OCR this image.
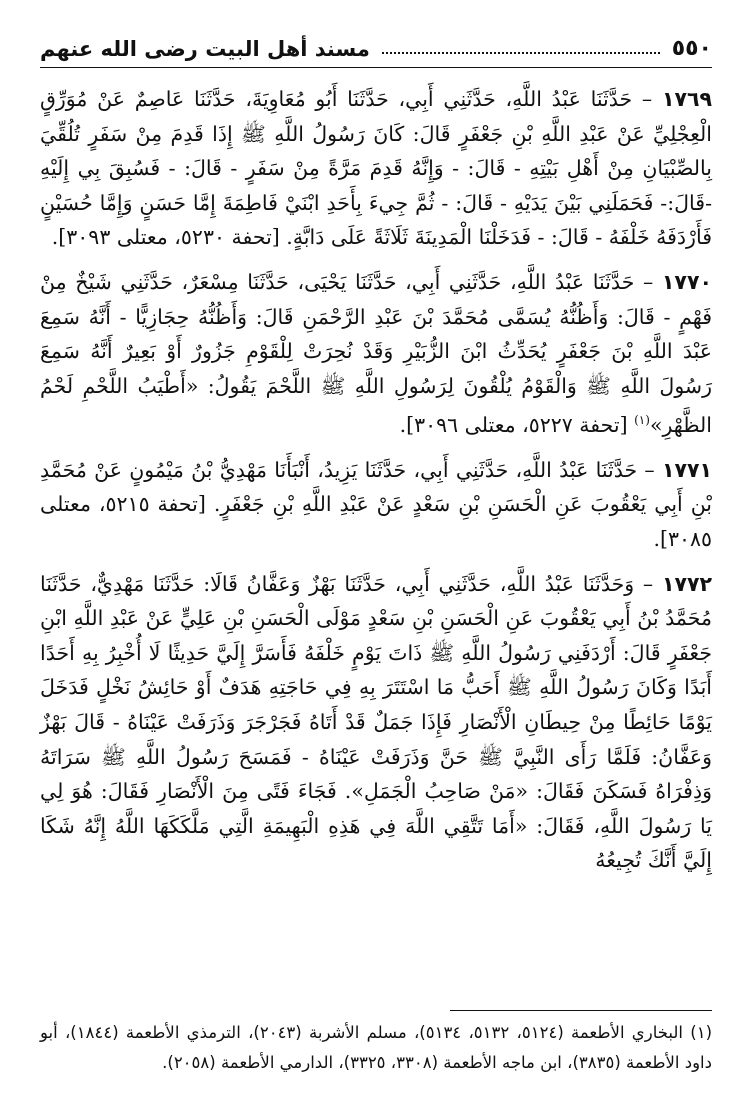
٥٥٠
مسند أهل البيت رضى الله عنهم

١٧٦٩ – حَدَّثَنَا عَبْدُ اللَّهِ، حَدَّثَنِي أَبِي، حَدَّثَنَا أَبُو مُعَاوِيَةَ، حَدَّثَنَا عَاصِمٌ عَنْ مُوَرِّقٍ الْعِجْلِيِّ عَنْ عَبْدِ اللَّهِ بْنِ جَعْفَرٍ قَالَ: كَانَ رَسُولُ اللَّهِ ﷺ إِذَا قَدِمَ مِنْ سَفَرٍ تُلُقِّيَ بِالصِّبْيَانِ مِنْ أَهْلِ بَيْتِهِ - قَالَ: - وَإِنَّهُ قَدِمَ مَرَّةً مِنْ سَفَرٍ - قَالَ: - فَسُبِقَ بِي إِلَيْهِ -قَالَ:- فَحَمَلَنِي بَيْنَ يَدَيْهِ - قَالَ: - ثُمَّ جِيءَ بِأَحَدِ ابْنَيْ فَاطِمَةَ إِمَّا حَسَنٍ وَإِمَّا حُسَيْنٍ فَأَرْدَفَهُ خَلْفَهُ - قَالَ: - فَدَخَلْنَا الْمَدِينَةَ ثَلَاثَةً عَلَى دَابَّةٍ. [تحفة ٥٢٣٠، معتلى ٣٠٩٣].

١٧٧٠ – حَدَّثَنَا عَبْدُ اللَّهِ، حَدَّثَنِي أَبِي، حَدَّثَنَا يَحْيَى، حَدَّثَنَا مِسْعَرٌ، حَدَّثَنِي شَيْخٌ مِنْ فَهْمٍ - قَالَ: وَأَظُنُّهُ يُسَمَّى مُحَمَّدَ بْنَ عَبْدِ الرَّحْمَنِ قَالَ: وَأَظُنُّهُ حِجَازِيًّا - أَنَّهُ سَمِعَ عَبْدَ اللَّهِ بْنَ جَعْفَرٍ يُحَدِّثُ ابْنَ الزُّبَيْرِ وَقَدْ نُحِرَتْ لِلْقَوْمِ جَزُورٌ أَوْ بَعِيرٌ أَنَّهُ سَمِعَ رَسُولَ اللَّهِ ﷺ وَالْقَوْمُ يُلْقُونَ لِرَسُولِ اللَّهِ ﷺ اللَّحْمَ يَقُولُ: «أَطْيَبُ اللَّحْمِ لَحْمُ الظَّهْرِ»$^{(١)}$ [تحفة ٥٢٢٧، معتلى ٣٠٩٦].

١٧٧١ – حَدَّثَنَا عَبْدُ اللَّهِ، حَدَّثَنِي أَبِي، حَدَّثَنَا يَزِيدُ، أَنْبَأَنَا مَهْدِيُّ بْنُ مَيْمُونٍ عَنْ مُحَمَّدِ بْنِ أَبِي يَعْقُوبَ عَنِ الْحَسَنِ بْنِ سَعْدٍ عَنْ عَبْدِ اللَّهِ بْنِ جَعْفَرٍ. [تحفة ٥٢١٥، معتلى ٣٠٨٥].

١٧٧٢ – وَحَدَّثَنَا عَبْدُ اللَّهِ، حَدَّثَنِي أَبِي، حَدَّثَنَا بَهْزٌ وَعَفَّانُ قَالَا: حَدَّثَنَا مَهْدِيٌّ، حَدَّثَنَا مُحَمَّدُ بْنُ أَبِي يَعْقُوبَ عَنِ الْحَسَنِ بْنِ سَعْدٍ مَوْلَى الْحَسَنِ بْنِ عَلِيٍّ عَنْ عَبْدِ اللَّهِ ابْنِ جَعْفَرٍ قَالَ: أَرْدَفَنِي رَسُولُ اللَّهِ ﷺ ذَاتَ يَوْمٍ خَلْفَهُ فَأَسَرَّ إِلَيَّ حَدِيثًا لَا أُخْبِرُ بِهِ أَحَدًا أَبَدًا وَكَانَ رَسُولُ اللَّهِ ﷺ أَحَبُّ مَا اسْتَتَرَ بِهِ فِي حَاجَتِهِ هَدَفٌ أَوْ حَائِشُ نَخْلٍ فَدَخَلَ يَوْمًا حَائِطًا مِنْ حِيطَانِ الْأَنْصَارِ فَإِذَا جَمَلٌ قَدْ أَتَاهُ فَجَرْجَرَ وَذَرَفَتْ عَيْنَاهُ - قَالَ بَهْزٌ وَعَفَّانُ: فَلَمَّا رَأَى النَّبِيَّ ﷺ حَنَّ وَذَرَفَتْ عَيْنَاهُ - فَمَسَحَ رَسُولُ اللَّهِ ﷺ سَرَاتَهُ وَذِفْرَاهُ فَسَكَنَ فَقَالَ: «مَنْ صَاحِبُ الْجَمَلِ». فَجَاءَ فَتًى مِنَ الْأَنْصَارِ فَقَالَ: هُوَ لِي يَا رَسُولَ اللَّهِ، فَقَالَ: «أَمَا تَتَّقِي اللَّهَ فِي هَذِهِ الْبَهِيمَةِ الَّتِي مَلَّكَكَهَا اللَّهُ إِنَّهُ شَكَا إِلَيَّ أَنَّكَ تُجِيعُهُ

(١) البخاري الأطعمة (٥١٢٤، ٥١٣٢، ٥١٣٤)، مسلم الأشربة (٢٠٤٣)، الترمذي الأطعمة (١٨٤٤)، أبو داود الأطعمة (٣٨٣٥)، ابن ماجه الأطعمة (٣٣٠٨، ٣٣٢٥)، الدارمي الأطعمة (٢٠٥٨).
